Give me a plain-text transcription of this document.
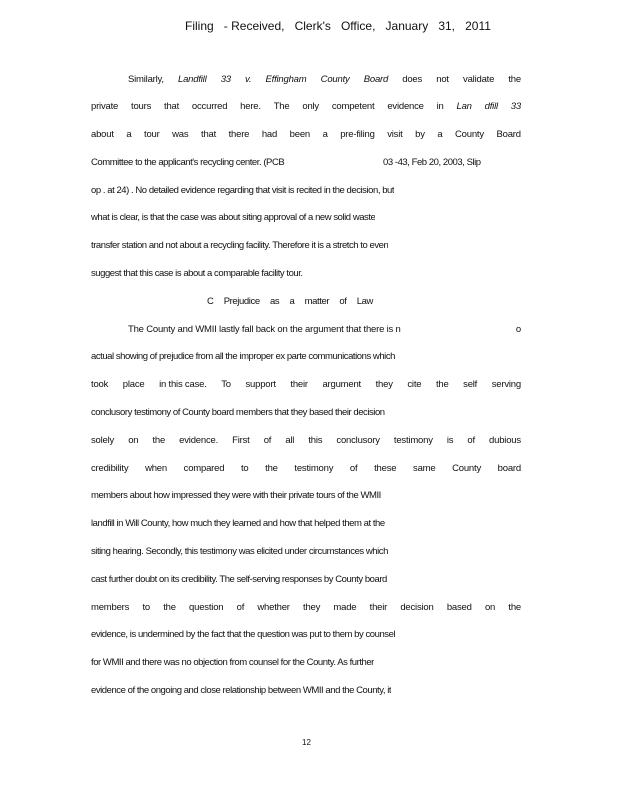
Filing - Received, Clerk's Office, January 31, 2011
Similarly, Landfill 33 v. Effingham County Board does not validate the
private tours that occurred here. The only competent evidence in Lan dfill 33
about a tour was that there had been a pre-filing visit by a County Board
Committee to the applicant's recycling center. (PCB	03 -43, Feb 20, 2003, Slip
op . at 24) . No detailed evidence regarding that visit is recited in the decision, but
what is clear, is that the case was about siting approval of a new solid waste
transfer station and not about a recycling facility. Therefore it is a stretch to even
suggest that this case is about a comparable facility tour.
C Prejudice as a matter of Law
The County and WMII lastly fall back on the argument that there is n	o
actual showing of prejudice from all the improper ex parte communications which
took place in this case. To support their argument they cite the self serving
conclusory testimony of County board members that they based their decision
solely on the evidence. First of all this conclusory testimony is of dubious
credibility when compared to the testimony of these same County board
members about how impressed they were with their private tours of the WMII
landfill in Will County, how much they learned and how that helped them at the
siting hearing. Secondly, this testimony was elicited under circumstances which
cast further doubt on its credibility. The self-serving responses by County board
members to the question of whether they made their decision based on the
evidence, is undermined by the fact that the question was put to them by counsel
for WMII and there was no objection from counsel for the County. As further
evidence of the ongoing and close relationship between WMII and the County, it
12
